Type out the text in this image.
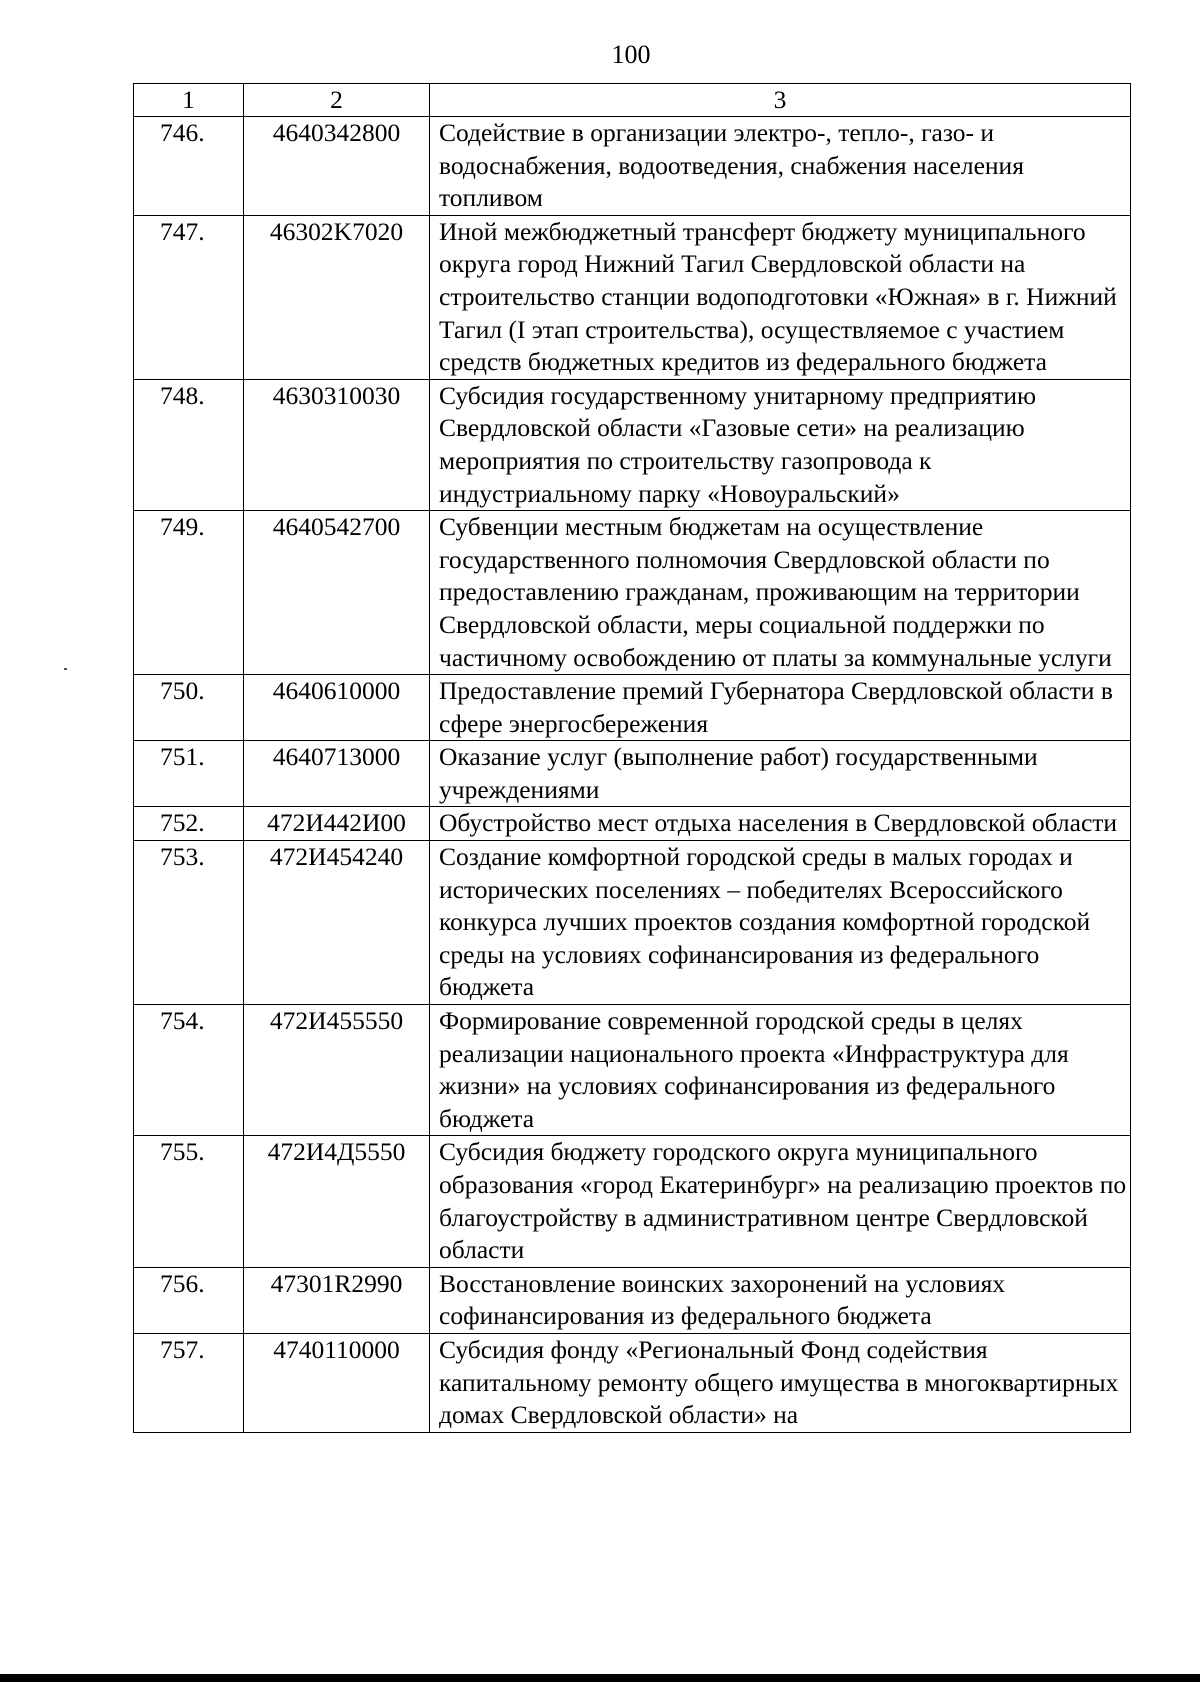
100
1	2	3
746.	4640342800	Содействие в организации электро-, тепло-, газо- и водоснабжения, водоотведения, снабжения населения топливом
747.	46302K7020	Иной межбюджетный трансферт бюджету муниципального округа город Нижний Тагил Свердловской области на строительство станции водоподготовки «Южная» в г. Нижний Тагил (I этап строительства), осуществляемое с участием средств бюджетных кредитов из федерального бюджета
748.	4630310030	Субсидия государственному унитарному предприятию Свердловской области «Газовые сети» на реализацию мероприятия по строительству газопровода к индустриальному парку «Новоуральский»
749.	4640542700	Субвенции местным бюджетам на осуществление государственного полномочия Свердловской области по предоставлению гражданам, проживающим на территории Свердловской области, меры социальной поддержки по частичному освобождению от платы за коммунальные услуги
750.	4640610000	Предоставление премий Губернатора Свердловской области в сфере энергосбережения
751.	4640713000	Оказание услуг (выполнение работ) государственными учреждениями
752.	472И442И00	Обустройство мест отдыха населения в Свердловской области
753.	472И454240	Создание комфортной городской среды в малых городах и исторических поселениях – победителях Всероссийского конкурса лучших проектов создания комфортной городской среды на условиях софинансирования из федерального бюджета
754.	472И455550	Формирование современной городской среды в целях реализации национального проекта «Инфраструктура для жизни» на условиях софинансирования из федерального бюджета
755.	472И4Д5550	Субсидия бюджету городского округа муниципального образования «город Екатеринбург» на реализацию проектов по благоустройству в административном центре Свердловской области
756.	47301R2990	Восстановление воинских захоронений на условиях софинансирования из федерального бюджета
757.	4740110000	Субсидия фонду «Региональный Фонд содействия капитальному ремонту общего имущества в многоквартирных домах Свердловской области» на
